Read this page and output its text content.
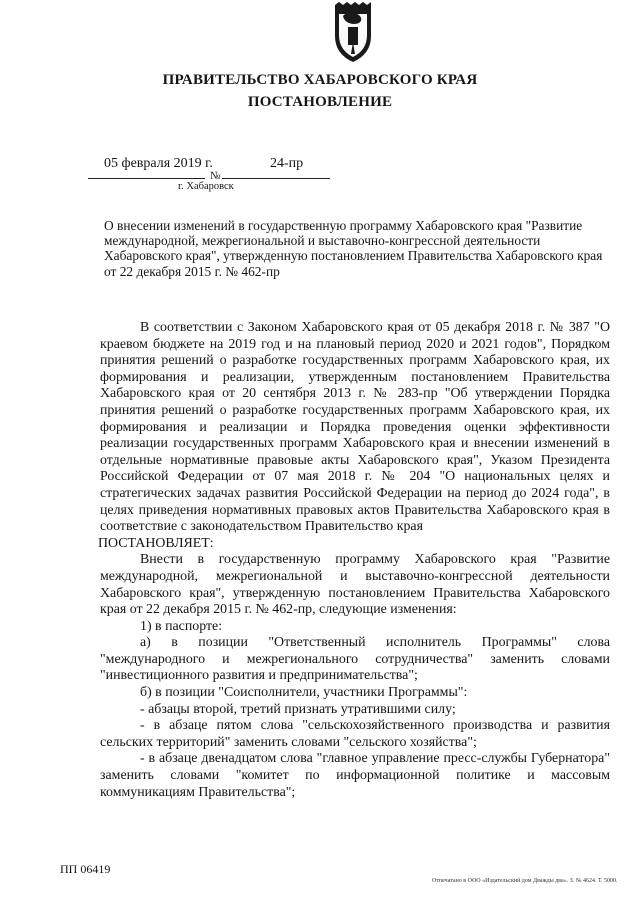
ПРАВИТЕЛЬСТВО ХАБАРОВСКОГО КРАЯ
ПОСТАНОВЛЕНИЕ
05 февраля 2019 г.
№
24-пр
г. Хабаровск
О внесении изменений в государственную программу Хабаровского края "Развитие международной, межрегиональной и выставочно-конгрессной деятельности Хабаровского края", утвержденную постановлением Правительства Хабаровского края от 22 декабря 2015 г. № 462-пр

В соответствии с Законом Хабаровского края от 05 декабря 2018 г. № 387 "О краевом бюджете на 2019 год и на плановый период 2020 и 2021 годов", Порядком принятия решений о разработке государственных программ Хабаровского края, их формирования и реализации, утвержденным постановлением Правительства Хабаровского края от 20 сентября 2013 г. № 283-пр "Об утверждении Порядка принятия решений о разработке государственных программ Хабаровского края, их формирования и реализации и Порядка проведения оценки эффективности реализации государственных программ Хабаровского края и внесении изменений в отдельные нормативные правовые акты Хабаровского края", Указом Президента Российской Федерации от 07 мая 2018 г. № 204 "О национальных целях и стратегических задачах развития Российской Федерации на период до 2024 года", в целях приведения нормативных правовых актов Правительства Хабаровского края в соответствие с законодательством Правительство края

ПОСТАНОВЛЯЕТ:

Внести в государственную программу Хабаровского края "Развитие международной, межрегиональной и выставочно-конгрессной деятельности Хабаровского края", утвержденную постановлением Правительства Хабаровского края от 22 декабря 2015 г. № 462-пр, следующие изменения:

1) в паспорте:

а) в позиции "Ответственный исполнитель Программы" слова "международного и межрегионального сотрудничества" заменить словами "инвестиционного развития и предпринимательства";

б) в позиции "Соисполнители, участники Программы":

- абзацы второй, третий признать утратившими силу;

- в абзаце пятом слова "сельскохозяйственного производства и развития сельских территорий" заменить словами "сельского хозяйства";

- в абзаце двенадцатом слова "главное управление пресс-службы Губернатора" заменить словами "комитет по информационной политике и массовым коммуникациям Правительства";

ПП 06419
Отпечатано в ООО «Издательский дом Дважды два». З. № 4624. Т. 5000.
